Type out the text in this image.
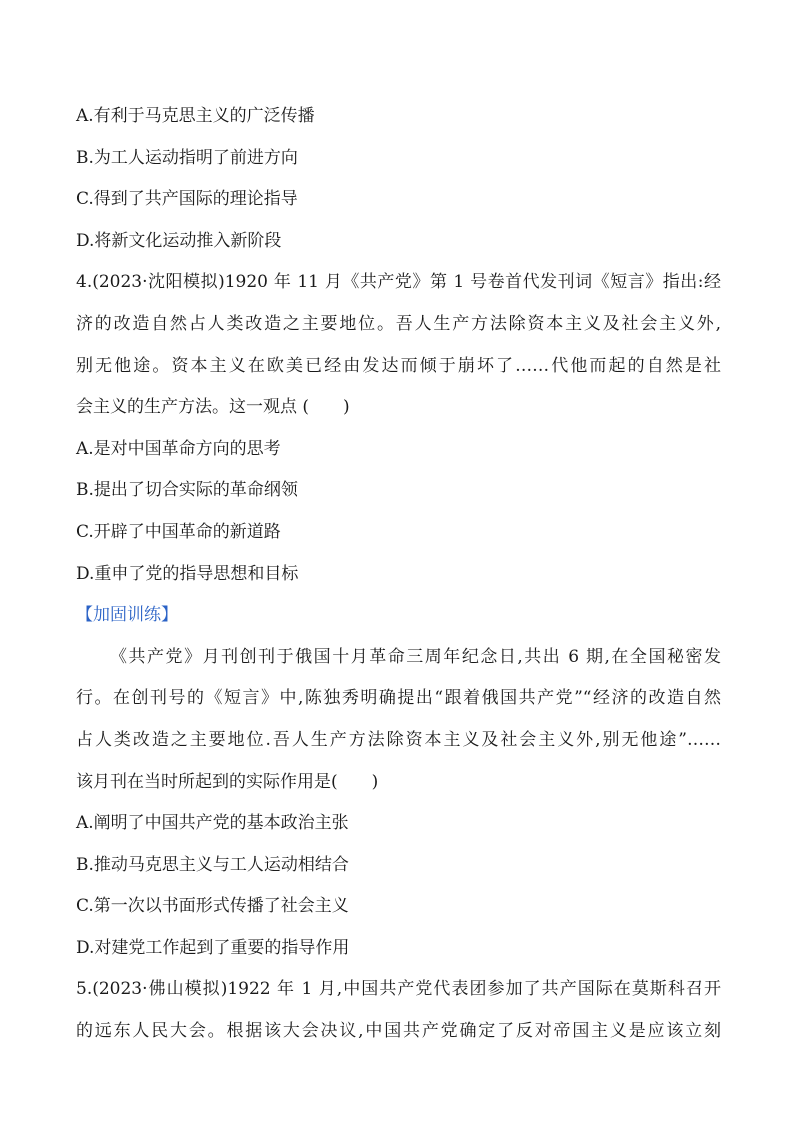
A.有利于马克思主义的广泛传播
B.为工人运动指明了前进方向
C.得到了共产国际的理论指导
D.将新文化运动推入新阶段
4.(2023·沈阳模拟)1920 年 11 月《共产党》第 1 号卷首代发刊词《短言》指出:经
济的改造自然占人类改造之主要地位。吾人生产方法除资本主义及社会主义外,
别无他途。资本主义在欧美已经由发达而倾于崩坏了……代他而起的自然是社
会主义的生产方法。这一观点 (　　)
A.是对中国革命方向的思考
B.提出了切合实际的革命纲领
C.开辟了中国革命的新道路
D.重申了党的指导思想和目标
【加固训练】
《共产党》月刊创刊于俄国十月革命三周年纪念日,共出 6 期,在全国秘密发
行。在创刊号的《短言》中,陈独秀明确提出“跟着俄国共产党”“经济的改造自然
占人类改造之主要地位.吾人生产方法除资本主义及社会主义外,别无他途”……
该月刊在当时所起到的实际作用是(　　)
A.阐明了中国共产党的基本政治主张
B.推动马克思主义与工人运动相结合
C.第一次以书面形式传播了社会主义
D.对建党工作起到了重要的指导作用
5.(2023·佛山模拟)1922 年 1 月,中国共产党代表团参加了共产国际在莫斯科召开
的远东人民大会。根据该大会决议,中国共产党确定了反对帝国主义是应该立刻
